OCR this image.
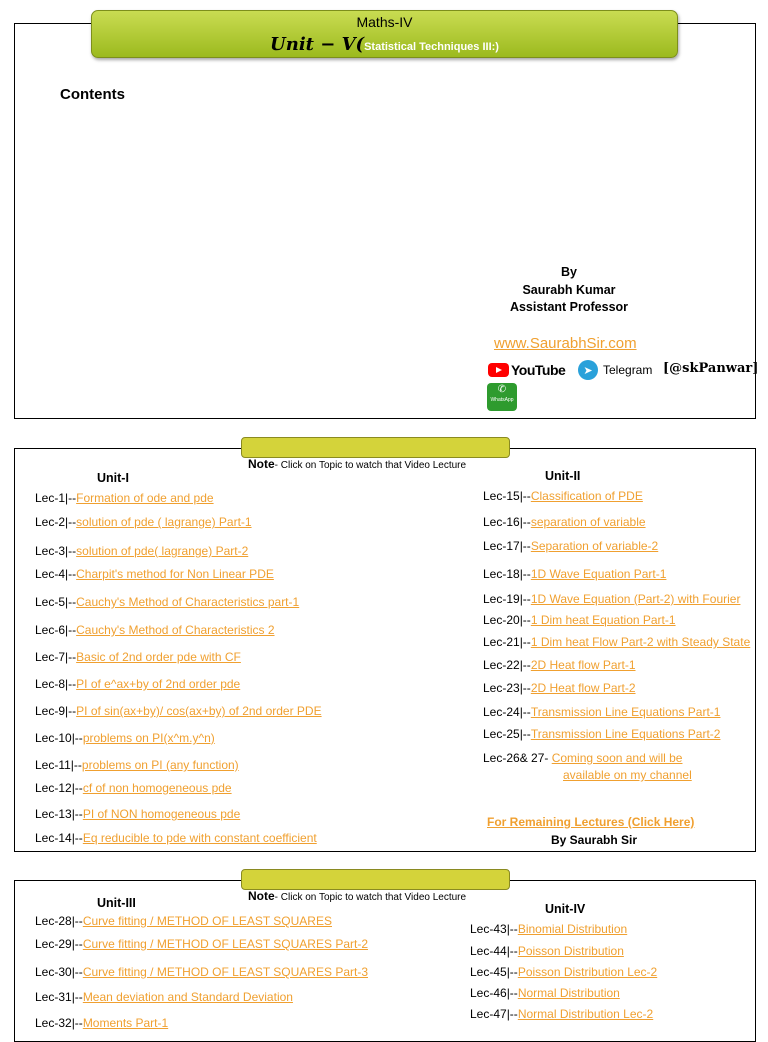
Maths-IV
Unit − V(Statistical Techniques III:)
Contents
By
Saurabh Kumar
Assistant Professor
www.SaurabhSir.com
YouTube	➤ Telegram [@skPanwar]
✆
WhatsApp
Note- Click on Topic to watch that Video Lecture
Unit-I	Unit-II
Lec-1|--Formation of ode and pde
Lec-2|--solution of pde ( lagrange) Part-1
Lec-3|--solution of pde( lagrange) Part-2
Lec-4|--Charpit's method for Non Linear PDE
Lec-5|--Cauchy's Method of Characteristics part-1
Lec-6|--Cauchy's Method of Characteristics 2
Lec-7|--Basic of 2nd order pde with CF
Lec-8|--PI of e^ax+by of 2nd order pde
Lec-9|--PI of sin(ax+by)/ cos(ax+by) of 2nd order PDE
Lec-10|--problems on PI(x^m.y^n)
Lec-11|--problems on PI (any function)
Lec-12|--cf of non homogeneous pde
Lec-13|--PI of NON homogeneous pde
Lec-14|--Eq reducible to pde with constant coefficient
Lec-15|--Classification of PDE
Lec-16|--separation of variable
Lec-17|--Separation of variable-2
Lec-18|--1D Wave Equation Part-1
Lec-19|--1D Wave Equation (Part-2) with Fourier
Lec-20|--1 Dim heat Equation Part-1
Lec-21|--1 Dim heat Flow Part-2 with Steady State
Lec-22|--2D Heat flow Part-1
Lec-23|--2D Heat flow Part-2
Lec-24|--Transmission Line Equations Part-1
Lec-25|--Transmission Line Equations Part-2
Lec-26& 27- Coming soon and will be
available on my channel
For Remaining Lectures (Click Here)
By Saurabh Sir
Note- Click on Topic to watch that Video Lecture
Unit-III	Unit-IV
Lec-28|--Curve fitting / METHOD OF LEAST SQUARES
Lec-29|--Curve fitting / METHOD OF LEAST SQUARES Part-2
Lec-30|--Curve fitting / METHOD OF LEAST SQUARES Part-3
Lec-31|--Mean deviation and Standard Deviation
Lec-32|--Moments Part-1
Lec-43|--Binomial Distribution
Lec-44|--Poisson Distribution
Lec-45|--Poisson Distribution Lec-2
Lec-46|--Normal Distribution
Lec-47|--Normal Distribution Lec-2
